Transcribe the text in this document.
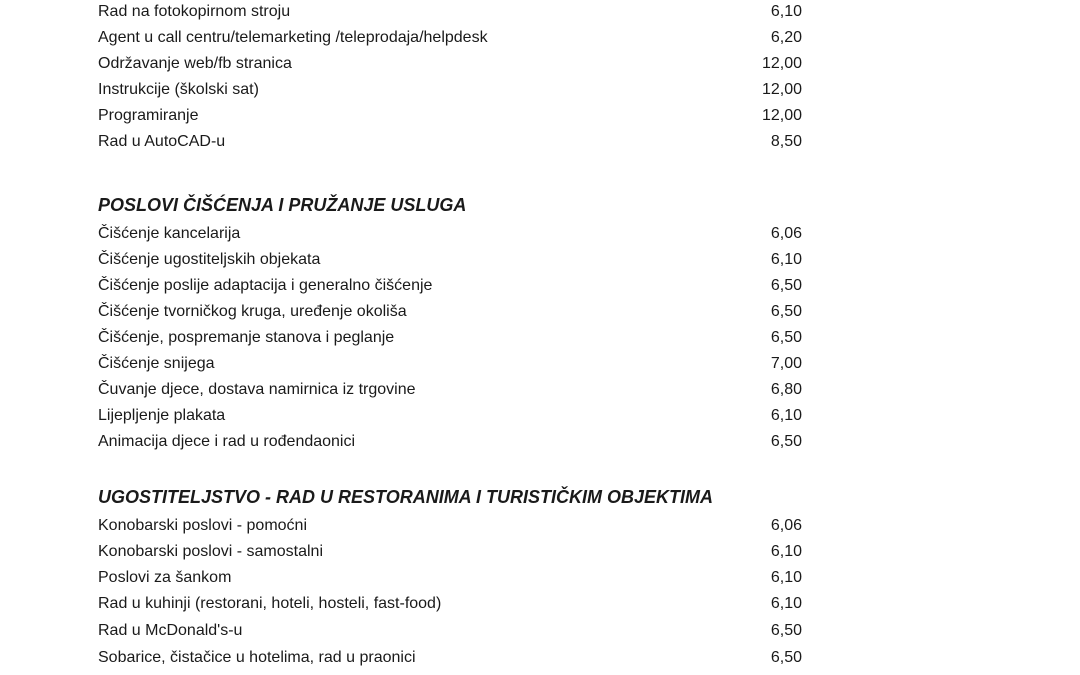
Rad na fotokopirnom stroju	6,10
Agent u call centru/telemarketing /teleprodaja/helpdesk	6,20
Održavanje web/fb stranica	12,00
Instrukcije (školski sat)	12,00
Programiranje	12,00
Rad u AutoCAD-u	8,50
POSLOVI ČIŠĆENJA I PRUŽANJE USLUGA
Čišćenje kancelarija	6,06
Čišćenje ugostiteljskih objekata	6,10
Čišćenje poslije adaptacija i generalno čišćenje	6,50
Čišćenje tvorničkog kruga, uređenje okoliša	6,50
Čišćenje, pospremanje stanova i peglanje	6,50
Čišćenje snijega	7,00
Čuvanje djece, dostava namirnica iz trgovine	6,80
Lijepljenje plakata	6,10
Animacija djece i rad u rođendaonici	6,50
UGOSTITELJSTVO - RAD U RESTORANIMA I TURISTIČKIM OBJEKTIMA
Konobarski poslovi - pomoćni	6,06
Konobarski poslovi - samostalni	6,10
Poslovi za šankom	6,10
Rad u kuhinji (restorani, hoteli, hosteli, fast-food)	6,10
Rad u McDonald's-u	6,50
Sobarice, čistačice u hotelima, rad u praonici	6,50
